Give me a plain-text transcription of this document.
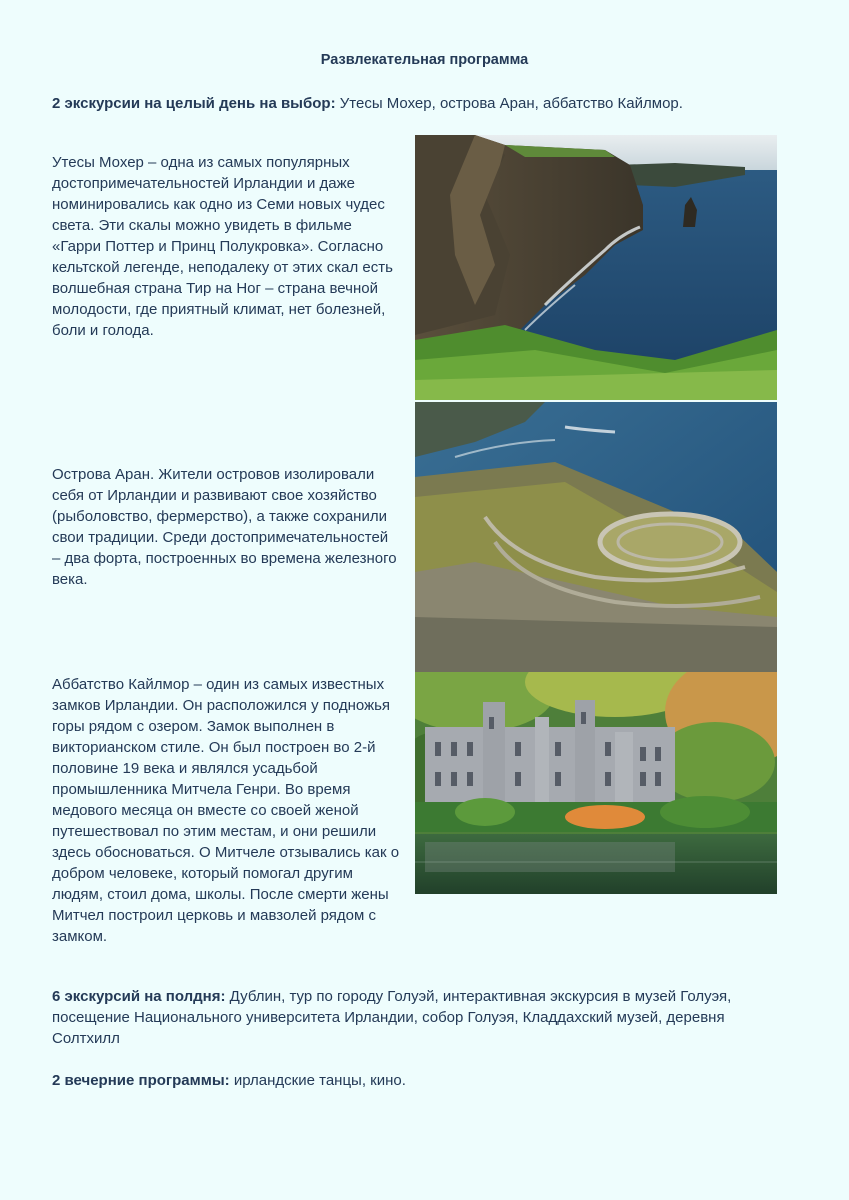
Развлекательная программа

2 экскурсии на целый день на выбор: Утесы Мохер, острова Аран, аббатство Кайлмор.

Утесы Мохер – одна из самых популярных достопримечательностей Ирландии и даже номинировались как одно из Семи новых чудес света. Эти скалы можно увидеть в фильме «Гарри Поттер и Принц Полукровка». Согласно кельтской легенде, неподалеку от этих скал есть волшебная страна Тир на Ног – страна вечной молодости, где приятный климат, нет болезней, боли и голода.

Острова Аран. Жители островов изолировали себя от Ирландии и развивают свое хозяйство (рыболовство, фермерство), а также сохранили свои традиции. Среди достопримечательностей – два форта, построенных во времена железного века.

Аббатство Кайлмор – один из самых известных замков Ирландии. Он расположился у подножья горы рядом с озером. Замок выполнен в викторианском стиле. Он был построен во 2-й половине 19 века и являлся усадьбой промышленника Митчела Генри. Во время медового месяца он вместе со своей женой путешествовал по этим местам, и они решили здесь обосноваться. О Митчеле отзывались как о добром человеке, который помогал другим людям, стоил дома, школы. После смерти жены Митчел построил церковь и мавзолей рядом с замком.

6 экскурсий на полдня: Дублин, тур по городу Голуэй, интерактивная экскурсия в музей Голуэя, посещение Национального университета Ирландии, собор Голуэя, Кладдахский музей, деревня Солтхилл

2 вечерние программы: ирландские танцы, кино.
